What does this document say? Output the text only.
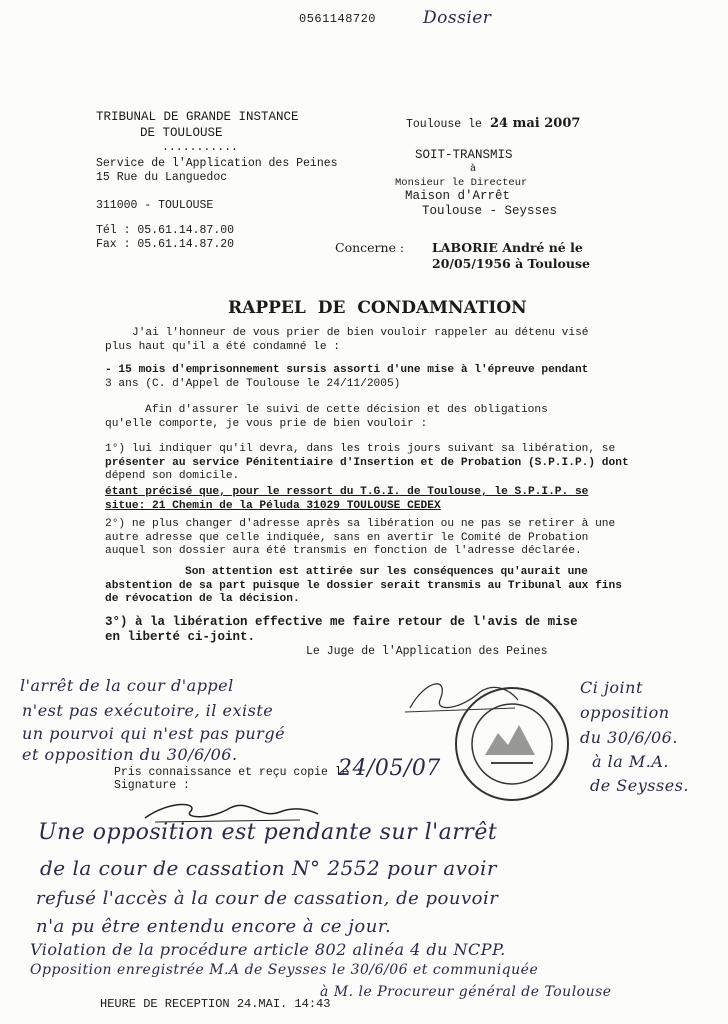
0561148720	Dossier
TRIBUNAL DE GRANDE INSTANCE
DE TOULOUSE
...........
Service de l'Application des Peines
15 Rue du Languedoc
311000 - TOULOUSE
Tél : 05.61.14.87.00
Fax : 05.61.14.87.20
Toulouse le 24 mai 2007
SOIT-TRANSMIS
à
Monsieur le Directeur
Maison d'Arrêt
Toulouse - Seysses
Concerne : LABORIE André né le
20/05/1956 à Toulouse
RAPPEL DE CONDAMNATION
J'ai l'honneur de vous prier de bien vouloir rappeler au détenu visé
plus haut qu'il a été condamné le :
- 15 mois d'emprisonnement sursis assorti d'une mise à l'épreuve pendant
3 ans (C. d'Appel de Toulouse le 24/11/2005)
Afin d'assurer le suivi de cette décision et des obligations
qu'elle comporte, je vous prie de bien vouloir :
1°) lui indiquer qu'il devra, dans les trois jours suivant sa libération, se
présenter au service Pénitentiaire d'Insertion et de Probation (S.P.I.P.) dont
dépend son domicile.
étant précisé que, pour le ressort du T.G.I. de Toulouse, le S.P.I.P. se
situe: 21 Chemin de la Péluda 31029 TOULOUSE CEDEX
2°) ne plus changer d'adresse après sa libération ou ne pas se retirer à une
autre adresse que celle indiquée, sans en avertir le Comité de Probation
auquel son dossier aura été transmis en fonction de l'adresse déclarée.
Son attention est attirée sur les conséquences qu'aurait une
abstention de sa part puisque le dossier serait transmis au Tribunal aux fins
de révocation de la décision.
3°) à la libération effective me faire retour de l'avis de mise
en liberté ci-joint.
Le Juge de l'Application des Peines
Pris connaissance et reçu copie le :
24/05/07
Signature :
l'arrêt de la cour d'appel
n'est pas exécutoire, il existe
un pourvoi qui n'est pas purgé
et opposition du 30/6/06.
Ci joint
opposition
du 30/6/06.
à la M.A.
de Seysses.
Une opposition est pendante sur l'arrêt
de la cour de cassation N° 2552 pour avoir
refusé l'accès à la cour de cassation, de pouvoir
n'a pu être entendu encore à ce jour.
Violation de la procédure article 802 alinéa 4 du NCPP.
Opposition enregistrée M.A de Seysses le 30/6/06 et communiquée
à M. le Procureur général de Toulouse
HEURE DE RECEPTION 24.MAI. 14:43
